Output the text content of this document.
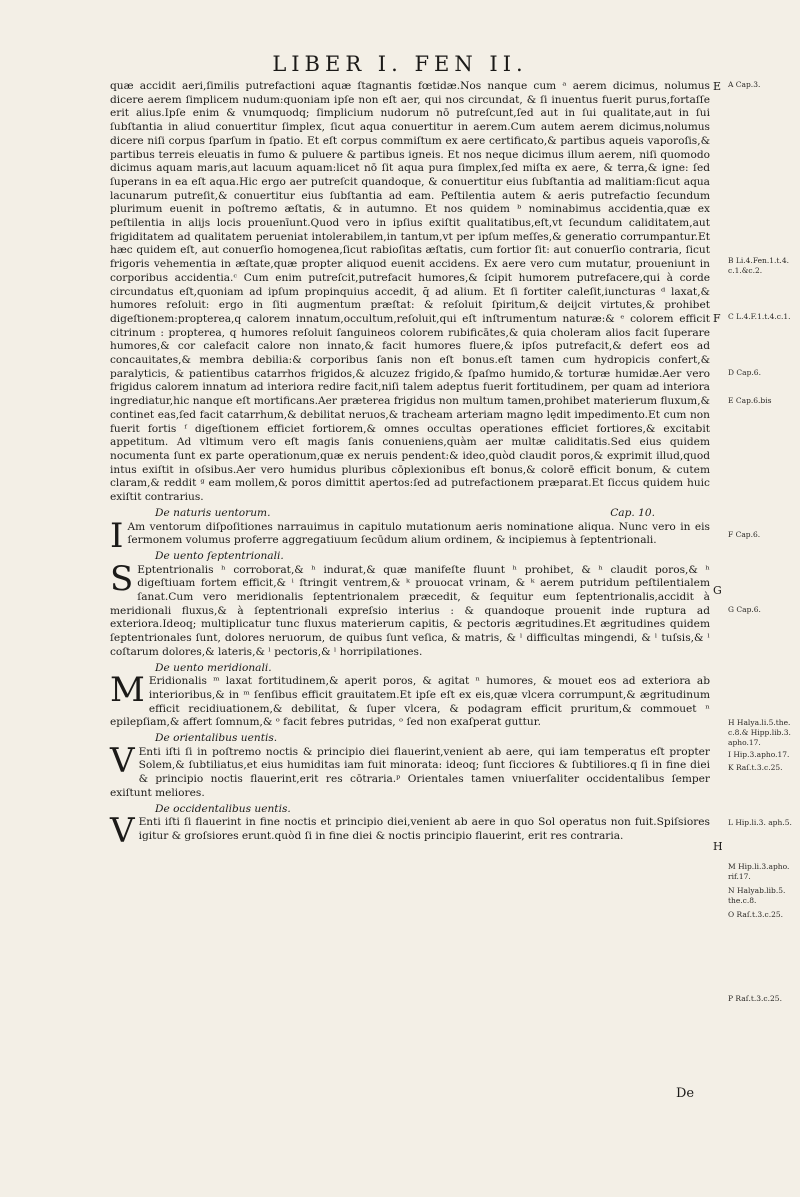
LIBER I. FEN II.

quæ accidit aeri,ſimilis putrefactioni aquæ ſtagnantis fœtidæ.Nos nanque cum ᵃ aerem dicimus, nolumus dicere aerem ſimplicem nudum:quoniam ipſe non eſt aer, qui nos circundat, & ſi inuentus fuerit purus,fortaſſe erit alius.Ipſe enim & vnumquodq; ſimplicium nudorum nō putreſcunt,ſed aut in ſui qualitate,aut in ſui ſubſtantia in aliud conuertitur ſimplex, ſicut aqua conuertitur in aerem.Cum autem aerem dicimus,nolumus dicere niſi corpus ſparſum in ſpatio. Et eſt corpus commiſtum ex aere certificato,& partibus aqueis vaporoſis,& partibus terreis eleuatis in fumo & puluere & partibus igneis. Et nos neque dicimus illum aerem, niſi quomodo dicimus aquam maris,aut lacuum aquam:licet nō ſit aqua pura ſimplex,ſed miſta ex aere, & terra,& igne: ſed ſuperans in ea eſt aqua.Hic ergo aer putreſcit quandoque, & conuertitur eius ſubſtantia ad malitiam:ſicut aqua lacunarum putreſit,& conuertitur eius ſubſtantia ad eam. Peſtilentia autem & aeris putrefactio ſecundum plurimum euenit in poſtremo æſtatis, & in autumno. Et nos quidem ᵇ nominabimus accidentia,quæ ex peſtilentia in alijs locis prouenīunt.Quod vero in ipſius exiſtit qualitatibus,eſt,vt ſecundum caliditatem,aut frigiditatem ad qualitatem perueniat intolerabilem,in tantum,vt per ipſum meſſes,& generatio corrumpantur.Et hæc quidem eſt, aut conuerſio homogenea,ſicut rabioſitas æſtatis, cum fortior ſit: aut conuerſio contraria, ſicut frigoris vehementia in æſtate,quæ propter aliquod euenit accidens. Ex aere vero cum mutatur, proueniunt in corporibus accidentia.ᶜ Cum enim putreſcit,putrefacit humores,& ſcipit humorem putrefacere,qui à corde circundatus eſt,quoniam ad ipſum propinquius accedit, q̄ ad alium. Et ſi fortiter caleſit,iuncturas ᵈ laxat,& humores reſoluit: ergo in ſiti augmentum præſtat: & reſoluit ſpiritum,& deijcit virtutes,& prohibet digeſtionem:propterea,q calorem innatum,occultum,reſoluit,qui eſt inſtrumentum naturæ:& ᵉ colorem efficit citrinum : propterea, q humores reſoluit ſanguineos colorem rubificātes,& quia choleram alios facit ſuperare humores,& cor calefacit calore non innato,& facit humores fluere,& ipſos putrefacit,& defert eos ad concauitates,& membra debilia:& corporibus ſanis non eſt bonus.eſt tamen cum hydropicis confert,& paralyticis, & patientibus catarrhos frigidos,& alcuzez frigido,& ſpaſmo humido,& torturæ humidæ.Aer vero frigidus calorem innatum ad interiora redire facit,niſi talem adeptus fuerit fortitudinem, per quam ad interiora ingrediatur,hic nanque eſt mortificans.Aer præterea frigidus non multum tamen,prohibet materierum fluxum,& continet eas,ſed facit catarrhum,& debilitat neruos,& tracheam arteriam magno lędit impedimento.Et cum non fuerit fortis ᶠ digeſtionem efficiet fortiorem,& omnes occultas operationes efficiet fortiores,& excitabit appetitum. Ad vltimum vero eſt magis ſanis conueniens,quàm aer multæ caliditatis.Sed eius quidem nocumenta ſunt ex parte operationum,quæ ex neruis pendent:& ideo,quòd claudit poros,& exprimit illud,quod intus exiſtit in oſsibus.Aer vero humidus pluribus cōplexionibus eſt bonus,& colorē efficit bonum, & cutem claram,& reddit ᵍ eam mollem,& poros dimittit apertos:ſed ad putrefactionem præparat.Et ſiccus quidem huic exiſtit contrarius.

De naturis uentorum.	Cap. 10.

I Am ventorum diſpoſitiones narrauimus in capitulo mutationum aeris nominatione aliqua. Nunc vero in eis ſermonem volumus proferre aggregatiuum ſecūdum alium ordinem, & incipiemus à ſeptentrionali.

De uento ſeptentrionali.

S Eptentrionalis ʰ corroborat,& ʰ indurat,& quæ manifeſte fluunt ʰ prohibet, & ʰ claudit poros,& ʰ digeſtiuam fortem efficit,& ⁱ ſtringit ventrem,& ᵏ prouocat vrinam, & ᵏ aerem putridum peſtilentialem ſanat.Cum vero meridionalis ſeptentrionalem præcedit, & ſequitur eum ſeptentrionalis,accidit à meridionali fluxus,& à ſeptentrionali expreſsio interius : & quandoque prouenit inde ruptura ad exteriora.Ideoq; multiplicatur tunc fluxus materierum capitis, & pectoris ægritudines.Et ægritudines quidem ſeptentrionales ſunt, dolores neruorum, de quibus ſunt veſica, & matris, & ˡ difficultas mingendi, & ˡ tuſsis,& ˡ coſtarum dolores,& lateris,& ˡ pectoris,& ˡ horripilationes.

De uento meridionali.

M Eridionalis ᵐ laxat fortitudinem,& aperit poros, & agitat ⁿ humores, & mouet eos ad exteriora ab interioribus,& in ᵐ ſenſibus efficit grauitatem.Et ipſe eſt ex eis,quæ vlcera corrumpunt,& ægritudinum efficit recidiuationem,& debilitat, & ſuper vlcera, & podagram efficit pruritum,& commouet ⁿ epilepſiam,& affert ſomnum,& ᵒ facit febres putridas, ᵒ ſed non exaſperat guttur.

De orientalibus uentis.

V Enti iſti ſi in poſtremo noctis & principio diei flauerint,venient ab aere, qui iam temperatus eſt propter Solem,& ſubtiliatus,et eius humiditas iam fuit minorata: ideoq; ſunt ſicciores & ſubtiliores.q ſi in fine diei & principio noctis flauerint,erit res cōtraria.ᵖ Orientales tamen vniuerſaliter occidentalibus ſemper exiſtunt meliores.

De occidentalibus uentis.

V Enti iſti ſi flauerint in fine noctis et principio diei,venient ab aere in quo Sol operatus non fuit.Spiſsiores igitur & groſsiores erunt.quòd ſi in fine diei & noctis principio flauerint, erit res contraria.

E
F
G
H
A Cap.3.
B Li.4.Fen.1.t.4. c.1.&c.2.
C L.4.F.1.t.4.c.1.
D Cap.6.
E Cap.6.bis
F Cap.6.
G Cap.6.
H Halya.li.5.the. c.8.& Hipp.lib.3. apho.17.
I Hip.3.apho.17.
K Raſ.t.3.c.25.
L Hip.li.3. aph.5.
M Hip.li.3.apho. rif.17.
N Halyab.lib.5. the.c.8.
O Raſ.t.3.c.25.
P Raſ.t.3.c.25.
De
